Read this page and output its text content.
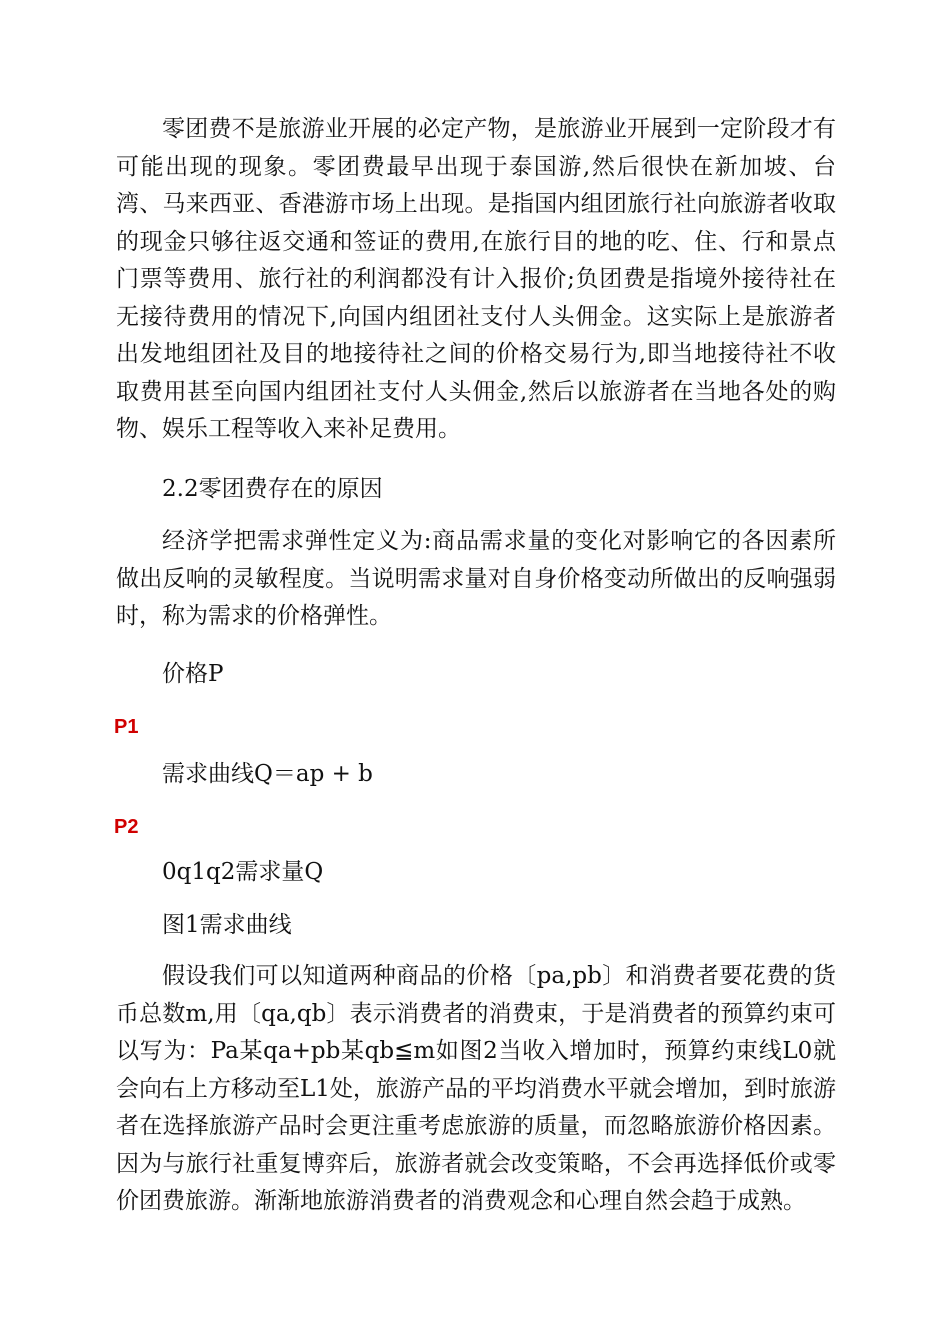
零团费不是旅游业开展的必定产物，是旅游业开展到一定阶段才有可能出现的现象。零团费最早出现于泰国游,然后很快在新加坡、台湾、马来西亚、香港游市场上出现。是指国内组团旅行社向旅游者收取的现金只够往返交通和签证的费用,在旅行目的地的吃、住、行和景点门票等费用、旅行社的利润都没有计入报价;负团费是指境外接待社在无接待费用的情况下,向国内组团社支付人头佣金。这实际上是旅游者出发地组团社及目的地接待社之间的价格交易行为,即当地接待社不收取费用甚至向国内组团社支付人头佣金,然后以旅游者在当地各处的购物、娱乐工程等收入来补足费用。

2.2零团费存在的原因

经济学把需求弹性定义为:商品需求量的变化对影响它的各因素所做出反响的灵敏程度。当说明需求量对自身价格变动所做出的反响强弱时，称为需求的价格弹性。

价格P

P1

需求曲线Q＝ap + b

P2

0q1q2需求量Q

图1需求曲线

假设我们可以知道两种商品的价格〔pa,pb〕和消费者要花费的货币总数m,用〔qa,qb〕表示消费者的消费束，于是消费者的预算约束可以写为：Pa某qa+pb某qb≦m如图2当收入增加时，预算约束线L0就会向右上方移动至L1处，旅游产品的平均消费水平就会增加，到时旅游者在选择旅游产品时会更注重考虑旅游的质量，而忽略旅游价格因素。因为与旅行社重复博弈后，旅游者就会改变策略，不会再选择低价或零价团费旅游。渐渐地旅游消费者的消费观念和心理自然会趋于成熟。
